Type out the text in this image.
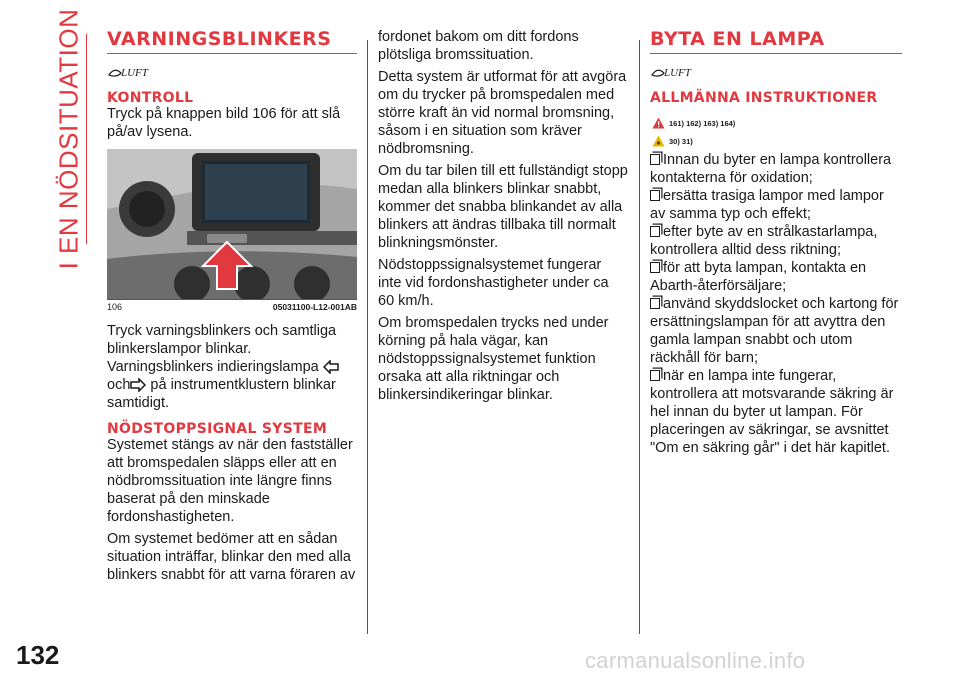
I EN NÖDSITUATION VARNINGSBLINKERS
LUFT
KONTROLL

Tryck på knappen bild 106 för att slå på/av lysena.

106	05031100-L12-001AB

Tryck varningsblinkers och samtliga blinkerslampor blinkar. Varningsblinkers indieringslampa och på instrumentklustern blinkar samtidigt.

NÖDSTOPPSIGNAL SYSTEM

Systemet stängs av när den fastställer att bromspedalen släpps eller att en nödbromssituation inte längre finns baserat på den minskade fordonshastigheten.

Om systemet bedömer att en sådan situation inträffar, blinkar den med alla blinkers snabbt för att varna föraren av

fordonet bakom om ditt fordons plötsliga bromssituation.

Detta system är utformat för att avgöra om du trycker på bromspedalen med större kraft än vid normal bromsning, såsom i en situation som kräver nödbromsning.

Om du tar bilen till ett fullständigt stopp medan alla blinkers blinkar snabbt, kommer det snabba blinkandet av alla blinkers att ändras tillbaka till normalt blinkningsmönster.

Nödstoppssignalsystemet fungerar inte vid fordonshastigheter under ca 60 km/h.

Om bromspedalen trycks ned under körning på hala vägar, kan nödstoppssignalsystemet funktion orsaka att alla riktningar och blinkersindikeringar blinkar.

BYTA EN LAMPA
LUFT
ALLMÄNNA INSTRUKTIONER
161) 162) 163) 164)
30) 31)
Innan du byter en lampa kontrollera kontakterna för oxidation;
ersätta trasiga lampor med lampor av samma typ och effekt;
efter byte av en strålkastarlampa, kontrollera alltid dess riktning;
för att byta lampan, kontakta en Abarth-återförsäljare;
använd skyddslocket och kartong för ersättningslampan för att avyttra den gamla lampan snabbt och utom räckhåll för barn;
när en lampa inte fungerar, kontrollera att motsvarande säkring är hel innan du byter ut lampan. För placeringen av säkringar, se avsnittet "Om en säkring går" i det här kapitlet.
132	carmanualsonline.info
